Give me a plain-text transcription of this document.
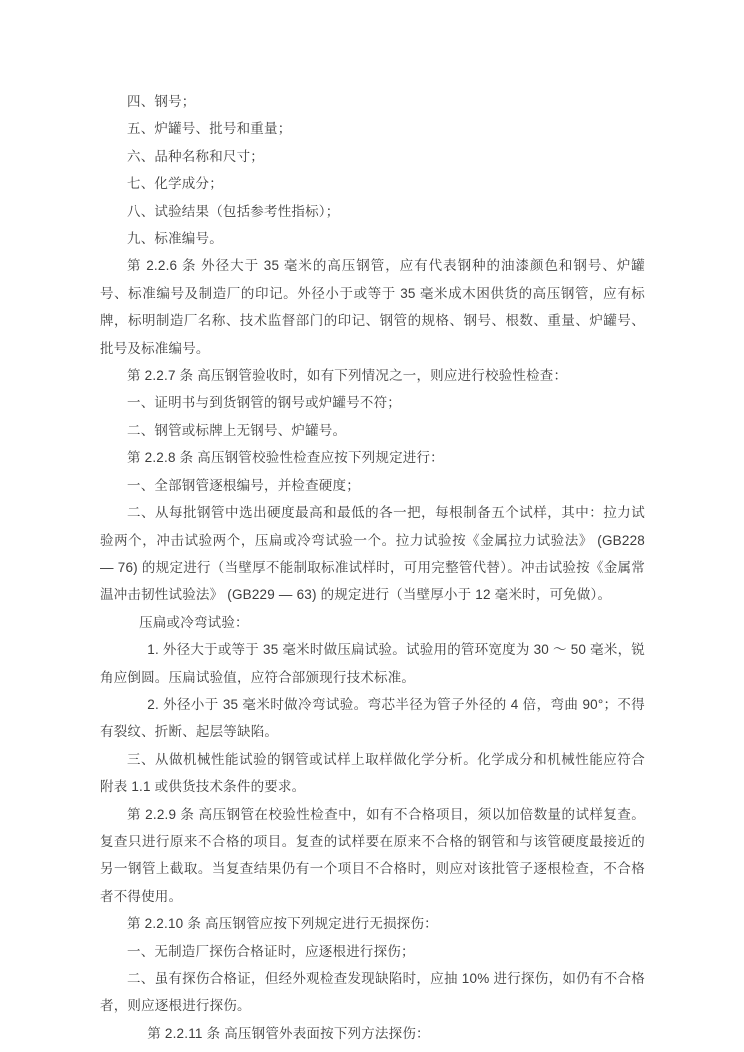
四、钢号；

五、炉罐号、批号和重量；

六、品种名称和尺寸；

七、化学成分；

八、试验结果（包括参考性指标）；

九、标准编号。

第 2.2.6 条 外径大于 35 毫米的高压钢管，应有代表钢种的油漆颜色和钢号、炉罐号、标准编号及制造厂的印记。外径小于或等于 35 毫米成木困供货的高压钢管，应有标牌，标明制造厂名称、技术监督部门的印记、钢管的规格、钢号、根数、重量、炉罐号、批号及标准编号。

第 2.2.7 条 高压钢管验收时，如有下列情况之一，则应进行校验性检查：

一、证明书与到货钢管的钢号或炉罐号不符；

二、钢管或标牌上无钢号、炉罐号。

第 2.2.8 条 高压钢管校验性检查应按下列规定进行：

一、全部钢管逐根编号，并检查硬度；

二、从每批钢管中选出硬度最高和最低的各一把，每根制备五个试样，其中：拉力试验两个，冲击试验两个，压扁或冷弯试验一个。拉力试验按《金属拉力试验法》 (GB228 — 76) 的规定进行（当壁厚不能制取标准试样时，可用完整管代替）。冲击试验按《金属常温冲击韧性试验法》 (GB229 — 63) 的规定进行（当壁厚小于 12 毫米时，可免做）。

压扁或冷弯试验：

1. 外径大于或等于 35 毫米时做压扁试验。试验用的管环宽度为 30 ～ 50 毫米，锐角应倒圆。压扁试验值，应符合部颁现行技术标准。

2. 外径小于 35 毫米时做冷弯试验。弯芯半径为管子外径的 4 倍，弯曲 90°；不得有裂纹、折断、起层等缺陷。

三、从做机械性能试验的钢管或试样上取样做化学分析。化学成分和机械性能应符合附表 1.1 或供货技术条件的要求。

第 2.2.9 条 高压钢管在校验性检查中，如有不合格项目，须以加倍数量的试样复查。复查只进行原来不合格的项目。复查的试样要在原来不合格的钢管和与该管硬度最接近的另一钢管上截取。当复查结果仍有一个项目不合格时，则应对该批管子逐根检查，不合格者不得使用。

第 2.2.10 条 高压钢管应按下列规定进行无损探伤：

一、无制造厂探伤合格证时，应逐根进行探伤；

二、虽有探伤合格证，但经外观检查发现缺陷时，应抽 10% 进行探伤，如仍有不合格者，则应逐根进行探伤。

第 2.2.11 条 高压钢管外表面按下列方法探伤：
